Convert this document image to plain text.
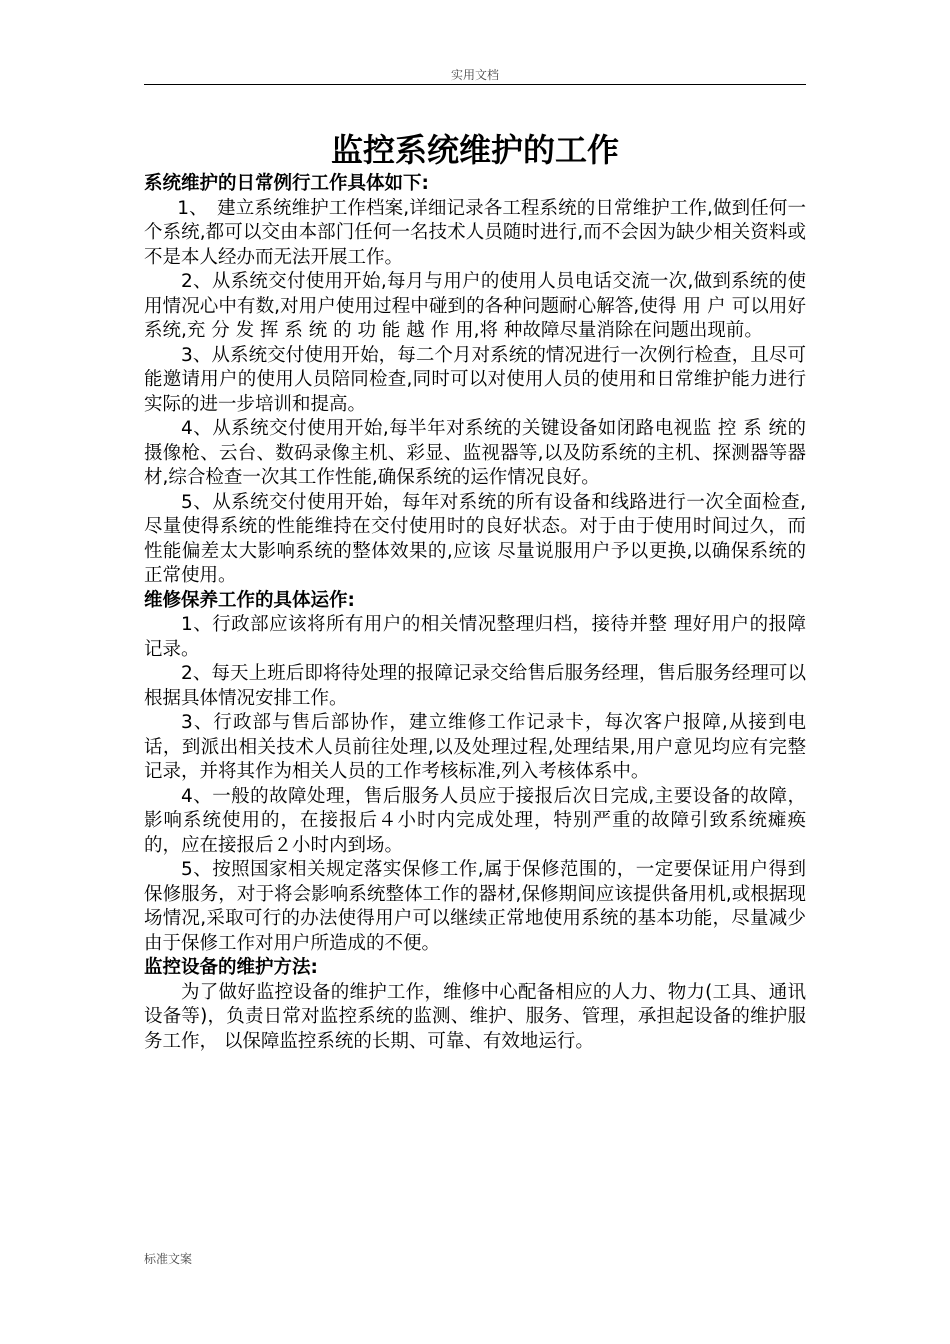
实用文档
监控系统维护的工作

系统维护的日常例行工作具体如下:

1、　建立系统维护工作档案,详细记录各工程系统的日常维护工作,做到任何一个系统,都可以交由本部门任何一名技术人员随时进行,而不会因为缺少相关资料或不是本人经办而无法开展工作。

2、从系统交付使用开始,每月与用户的使用人员电话交流一次,做到系统的使用情况心中有数,对用户使用过程中碰到的各种问题耐心解答,使得 用 户 可以用好系统,充 分 发 挥 系 统 的 功 能 越 作 用,将 种故障尽量消除在问题出现前。

3、从系统交付使用开始，每二个月对系统的情况进行一次例行检查，且尽可能邀请用户的使用人员陪同检查,同时可以对使用人员的使用和日常维护能力进行实际的进一步培训和提高。

4、从系统交付使用开始,每半年对系统的关键设备如闭路电视监 控 系 统的摄像枪、云台、数码录像主机、彩显、监视器等,以及防系统的主机、探测器等器材,综合检查一次其工作性能,确保系统的运作情况良好。

5、从系统交付使用开始，每年对系统的所有设备和线路进行一次全面检查,尽量使得系统的性能维持在交付使用时的良好状态。对于由于使用时间过久，而性能偏差太大影响系统的整体效果的,应该 尽量说服用户予以更换,以确保系统的正常使用。

维修保养工作的具体运作:

1、行政部应该将所有用户的相关情况整理归档，接待并整 理好用户的报障记录。

2、每天上班后即将待处理的报障记录交给售后服务经理，售后服务经理可以根据具体情况安排工作。

3、行政部与售后部协作，建立维修工作记录卡，每次客户报障,从接到电话，到派出相关技术人员前往处理,以及处理过程,处理结果,用户意见均应有完整记录，并将其作为相关人员的工作考核标准,列入考核体系中。

4、一般的故障处理，售后服务人员应于接报后次日完成,主要设备的故障，影响系统使用的，在接报后４小时内完成处理，特别严重的故障引致系统瘫痪的，应在接报后２小时内到场。

5、按照国家相关规定落实保修工作,属于保修范围的，一定要保证用户得到保修服务，对于将会影响系统整体工作的器材,保修期间应该提供备用机,或根据现场情况,采取可行的办法使得用户可以继续正常地使用系统的基本功能，尽量减少由于保修工作对用户所造成的不便。

监控设备的维护方法:

为了做好监控设备的维护工作，维修中心配备相应的人力、物力(工具、通讯设备等)，负责日常对监控系统的监测、维护、服务、管理，承担起设备的维护服务工作， 以保障监控系统的长期、可靠、有效地运行。

标准文案
